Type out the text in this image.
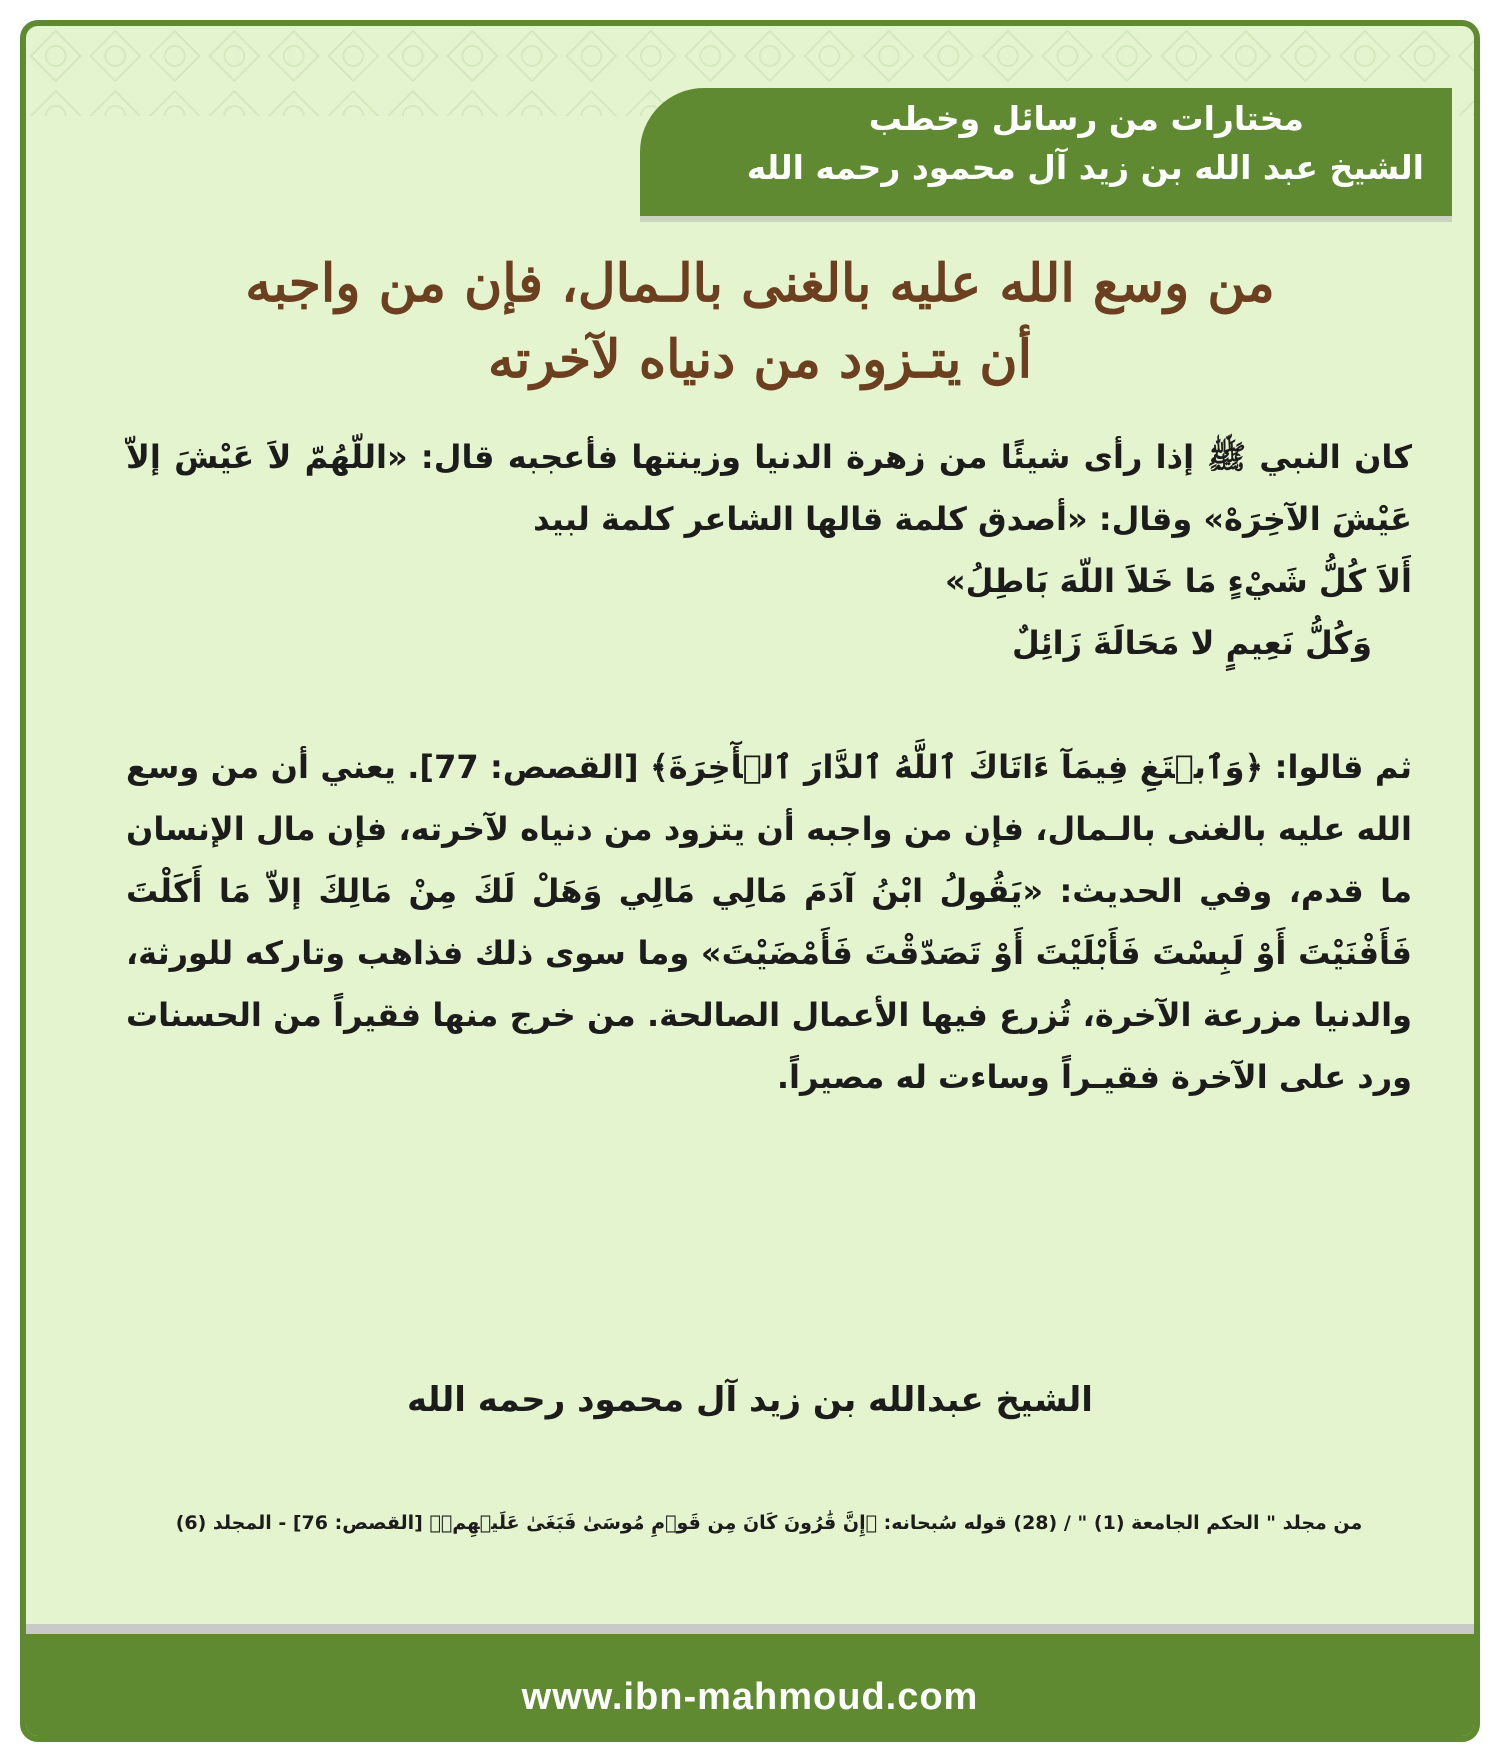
مختارات من رسائل وخطب
الشيخ عبد الله بن زيد آل محمود رحمه الله
من وسع الله عليه بالغنى بالـمال، فإن من واجبه
أن يتـزود من دنياه لآخرته

كان النبي ﷺ إذا رأى شيئًا من زهرة الدنيا وزينتها فأعجبه قال: «اللّهُمّ لاَ عَيْشَ إلاّ عَيْشَ الآخِرَهْ» وقال: «أصدق كلمة قالها الشاعر كلمة لبيد

أَلاَ كُلُّ شَيْءٍ مَا خَلاَ اللّهَ بَاطِلُ»
وَكُلُّ نَعِيمٍ لا مَحَالَةَ زَائِلٌ

ثم قالوا: ﴿وَٱبۡتَغِ فِيمَآ ءَاتَاكَ ٱللَّهُ ٱلدَّارَ ٱلۡأٓخِرَةَ﴾ [القصص: 77]. يعني أن من وسع الله عليه بالغنى بالـمال، فإن من واجبه أن يتزود من دنياه لآخرته، فإن مال الإنسان ما قدم، وفي الحديث: «يَقُولُ ابْنُ آدَمَ مَالِي مَالِي وَهَلْ لَكَ مِنْ مَالِكَ إلاّ مَا أَكَلْتَ فَأَفْنَيْتَ أَوْ لَبِسْتَ فَأَبْلَيْتَ أَوْ تَصَدّقْتَ فَأَمْضَيْتَ» وما سوى ذلك فذاهب وتاركه للورثة، والدنيا مزرعة الآخرة، تُزرع فيها الأعمال الصالحة. من خرج منها فقيراً من الحسنات ورد على الآخرة فقيـراً وساءت له مصيراً.

الشيخ عبدالله بن زيد آل محمود رحمه الله
من مجلد " الحكم الجامعة (1) " / (28) قوله سُبحانه: ﴿إِنَّ قَٰرُونَ كَانَ مِن قَوۡمِ مُوسَىٰ فَبَغَىٰ عَلَيۡهِمۡ﴾ [القصص: 76] - المجلد (6)
www.ibn-mahmoud.com
